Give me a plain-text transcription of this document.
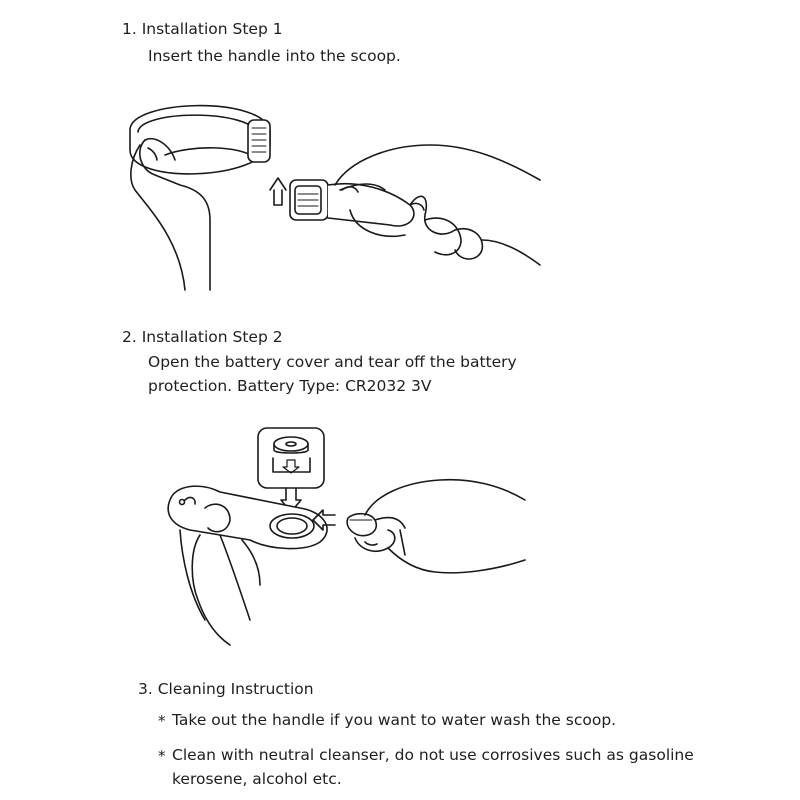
1. Installation Step 1
Insert the handle into the scoop.
2. Installation Step 2
Open the battery cover and tear off the battery
protection. Battery Type: CR2032 3V
3. Cleaning Instruction
* Take out the handle if you want to water wash the scoop.
* Clean with neutral cleanser, do not use corrosives such as gasoline
kerosene, alcohol etc.
